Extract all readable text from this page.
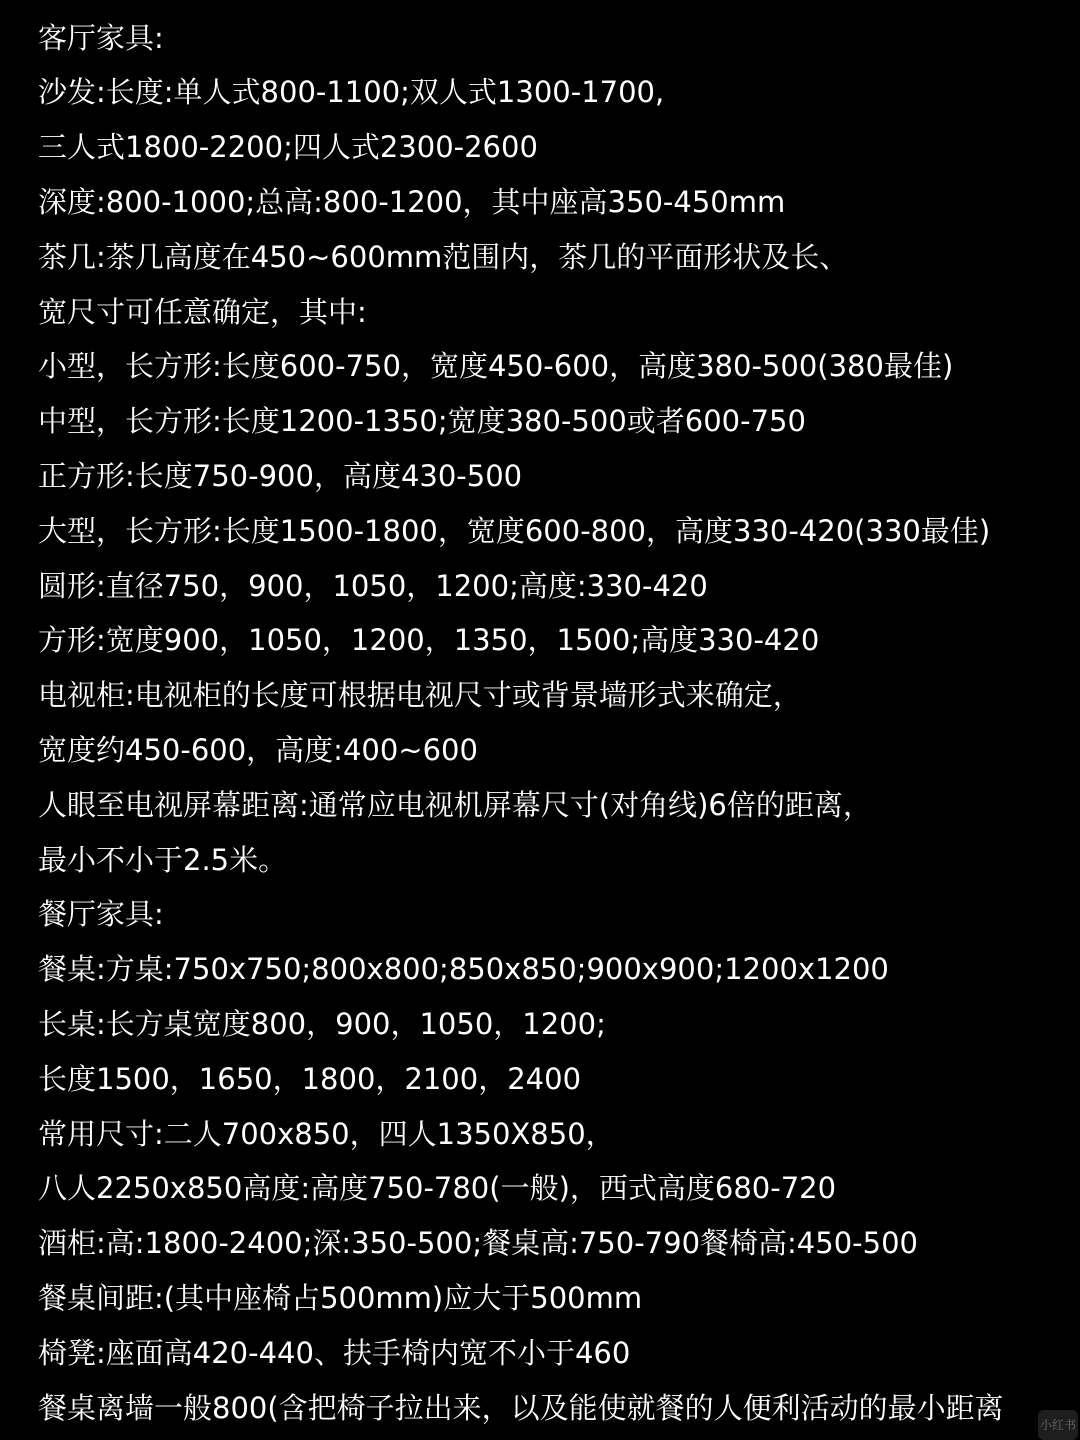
客厅家具:
沙发:长度:单人式800-1100;双人式1300-1700,
三人式1800-2200;四人式2300-2600
深度:800-1000;总高:800-1200，其中座高350-450mm
茶几:茶几高度在450~600mm范围内，茶几的平面形状及长、
宽尺寸可任意确定，其中:
小型，长方形:长度600-750，宽度450-600，高度380-500(380最佳)
中型，长方形:长度1200-1350;宽度380-500或者600-750
正方形:长度750-900，高度430-500
大型，长方形:长度1500-1800，宽度600-800，高度330-420(330最佳)
圆形:直径750，900，1050，1200;高度:330-420
方形:宽度900，1050，1200，1350，1500;高度330-420
电视柜:电视柜的长度可根据电视尺寸或背景墙形式来确定，
宽度约450-600，高度:400~600
人眼至电视屏幕距离:通常应电视机屏幕尺寸(对角线)6倍的距离，
最小不小于2.5米。
餐厅家具:
餐桌:方桌:750x750;800x800;850x850;900x900;1200x1200
长桌:长方桌宽度800，900，1050，1200;
长度1500，1650，1800，2100，2400
常用尺寸:二人700x850，四人1350X850，
八人2250x850高度:高度750-780(一般)，西式高度680-720
酒柜:高:1800-2400;深:350-500;餐桌高:750-790餐椅高:450-500
餐桌间距:(其中座椅占500mm)应大于500mm
椅凳:座面高420-440、扶手椅内宽不小于460
餐桌离墙一般800(含把椅子拉出来，以及能使就餐的人便利活动的最小距离	小红书
